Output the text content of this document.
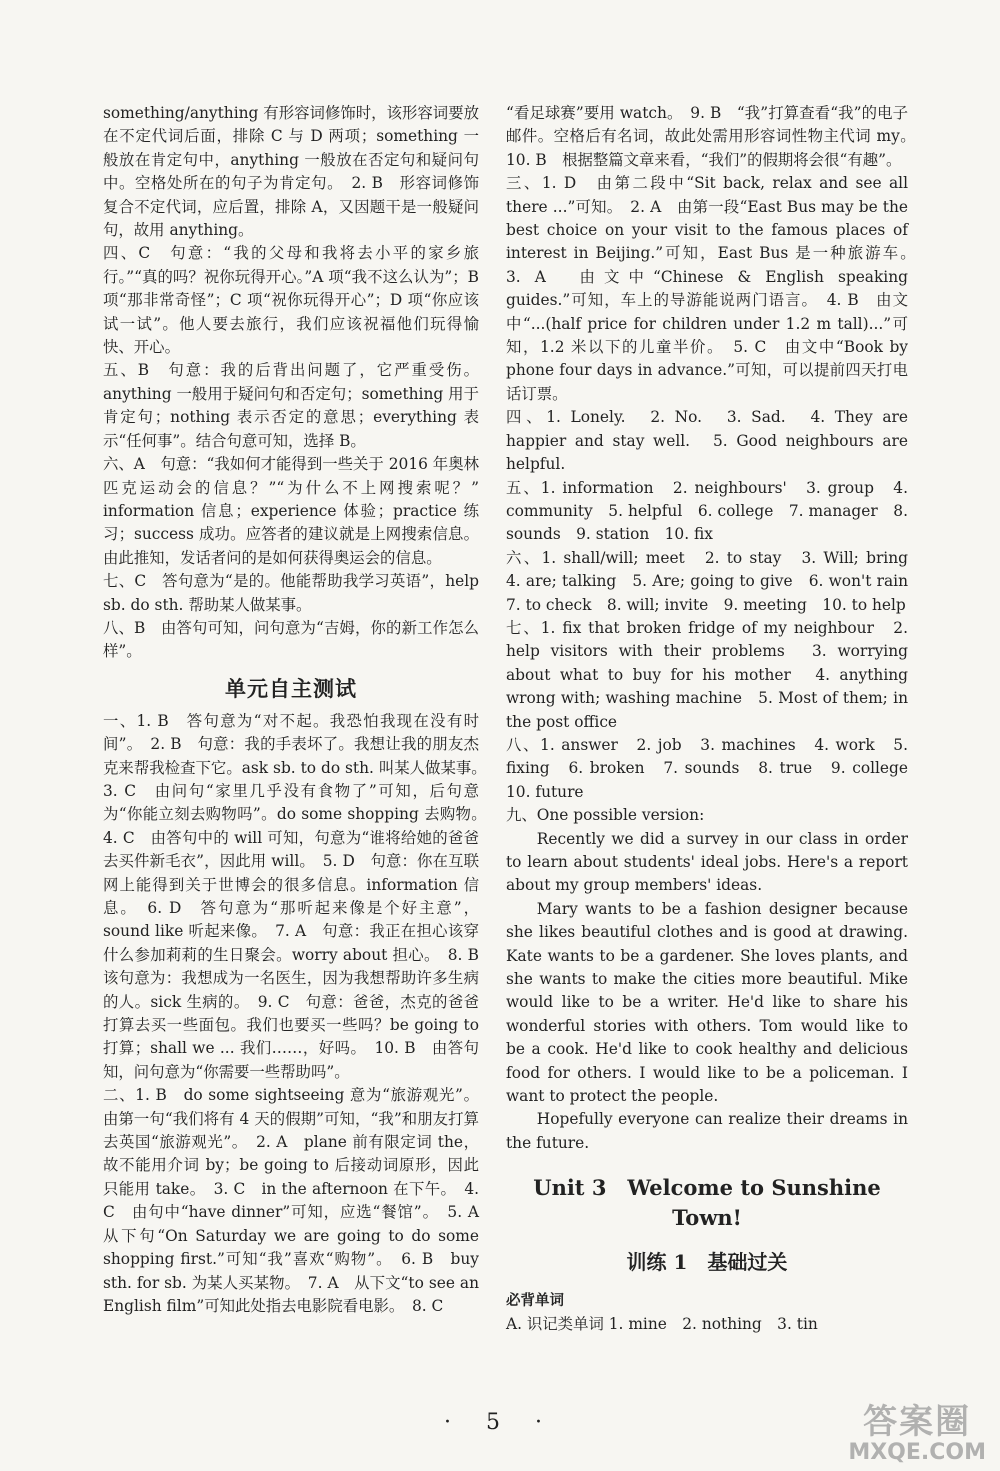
something/anything 有形容词修饰时，该形容词要放在不定代词后面，排除 C 与 D 两项；something 一般放在肯定句中，anything 一般放在否定句和疑问句中。空格处所在的句子为肯定句。　2. B　形容词修饰复合不定代词，应后置，排除 A，又因题干是一般疑问句，故用 anything。

四、C　句意：“我的父母和我将去小平的家乡旅行。”“真的吗？祝你玩得开心。”A 项“我不这么认为”；B 项“那非常奇怪”；C 项“祝你玩得开心”；D 项“你应该试一试”。他人要去旅行，我们应该祝福他们玩得愉快、开心。

五、B　句意：我的后背出问题了，它严重受伤。anything 一般用于疑问句和否定句；something 用于肯定句；nothing 表示否定的意思；everything 表示“任何事”。结合句意可知，选择 B。

六、A　句意：“我如何才能得到一些关于 2016 年奥林匹克运动会的信息？”“为什么不上网搜索呢？” information 信息；experience 体验；practice 练习；success 成功。应答者的建议就是上网搜索信息。由此推知，发话者问的是如何获得奥运会的信息。

七、C　答句意为“是的。他能帮助我学习英语”，help sb. do sth. 帮助某人做某事。

八、B　由答句可知，问句意为“吉姆，你的新工作怎么样”。

单元自主测试

一、1. B　答句意为“对不起。我恐怕我现在没有时间”。　2. B　句意：我的手表坏了。我想让我的朋友杰克来帮我检查下它。ask sb. to do sth. 叫某人做某事。　3. C　由问句“家里几乎没有食物了”可知，后句意为“你能立刻去购物吗”。do some shopping 去购物。　4. C　由答句中的 will 可知，句意为“谁将给她的爸爸去买件新毛衣”，因此用 will。　5. D　句意：你在互联网上能得到关于世博会的很多信息。information 信息。　6. D　答句意为“那听起来像是个好主意”，sound like 听起来像。　7. A　句意：我正在担心该穿什么参加莉莉的生日聚会。worry about 担心。　8. B　该句意为：我想成为一名医生，因为我想帮助许多生病的人。sick 生病的。　9. C　句意：爸爸，杰克的爸爸打算去买一些面包。我们也要买一些吗？be going to 打算；shall we ... 我们……，好吗。　10. B　由答句知，问句意为“你需要一些帮助吗”。

二、1. B　do some sightseeing 意为“旅游观光”。由第一句“我们将有 4 天的假期”可知，“我”和朋友打算去英国“旅游观光”。　2. A　plane 前有限定词 the，故不能用介词 by；be going to 后接动词原形，因此只能用 take。　3. C　in the afternoon 在下午。　4. C　由句中“have dinner”可知，应选“餐馆”。　5. A　从下句“On Saturday we are going to do some shopping first.”可知“我”喜欢“购物”。　6. B　buy sth. for sb. 为某人买某物。　7. A　从下文“to see an English film”可知此处指去电影院看电影。　8. C

“看足球赛”要用 watch。　9. B　“我”打算查看“我”的电子邮件。空格后有名词，故此处需用形容词性物主代词 my。　10. B　根据整篇文章来看，“我们”的假期将会很“有趣”。

三、1. D　由第二段中“Sit back, relax and see all there ...”可知。　2. A　由第一段“East Bus may be the best choice on your visit to the famous places of interest in Beijing.”可知，East Bus 是一种旅游车。　3. A　由文中“Chinese & English speaking guides.”可知，车上的导游能说两门语言。　4. B　由文中“...(half price for children under 1.2 m tall)...”可知，1.2 米以下的儿童半价。　5. C　由文中“Book by phone four days in advance.”可知，可以提前四天打电话订票。

四、1. Lonely.　2. No.　3. Sad.　4. They are happier and stay well.　5. Good neighbours are helpful.

五、1. information　2. neighbours'　3. group　4. community　5. helpful　6. college　7. manager　8. sounds　9. station　10. fix

六、1. shall/will; meet　2. to stay　3. Will; bring　4. are; talking　5. Are; going to give　6. won't rain　7. to check　8. will; invite　9. meeting　10. to help

七、1. fix that broken fridge of my neighbour　2. help visitors with their problems　3. worrying about what to buy for his mother　4. anything wrong with; washing machine　5. Most of them; in the post office

八、1. answer　2. job　3. machines　4. work　5. fixing　6. broken　7. sounds　8. true　9. college　10. future

九、One possible version:

Recently we did a survey in our class in order to learn about students' ideal jobs. Here's a report about my group members' ideas.

Mary wants to be a fashion designer because she likes beautiful clothes and is good at drawing. Kate wants to be a gardener. She loves plants, and she wants to make the cities more beautiful. Mike would like to be a writer. He'd like to share his wonderful stories with others. Tom would like to be a cook. He'd like to cook healthy and delicious food for others. I would like to be a policeman. I want to protect the people.

Hopefully everyone can realize their dreams in the future.

Unit 3　Welcome to Sunshine Town!
训练 1　基础过关

必背单词

A. 识记类单词 1. mine　2. nothing　3. tin

· 5 ·	答案圈
MXQE.COM
